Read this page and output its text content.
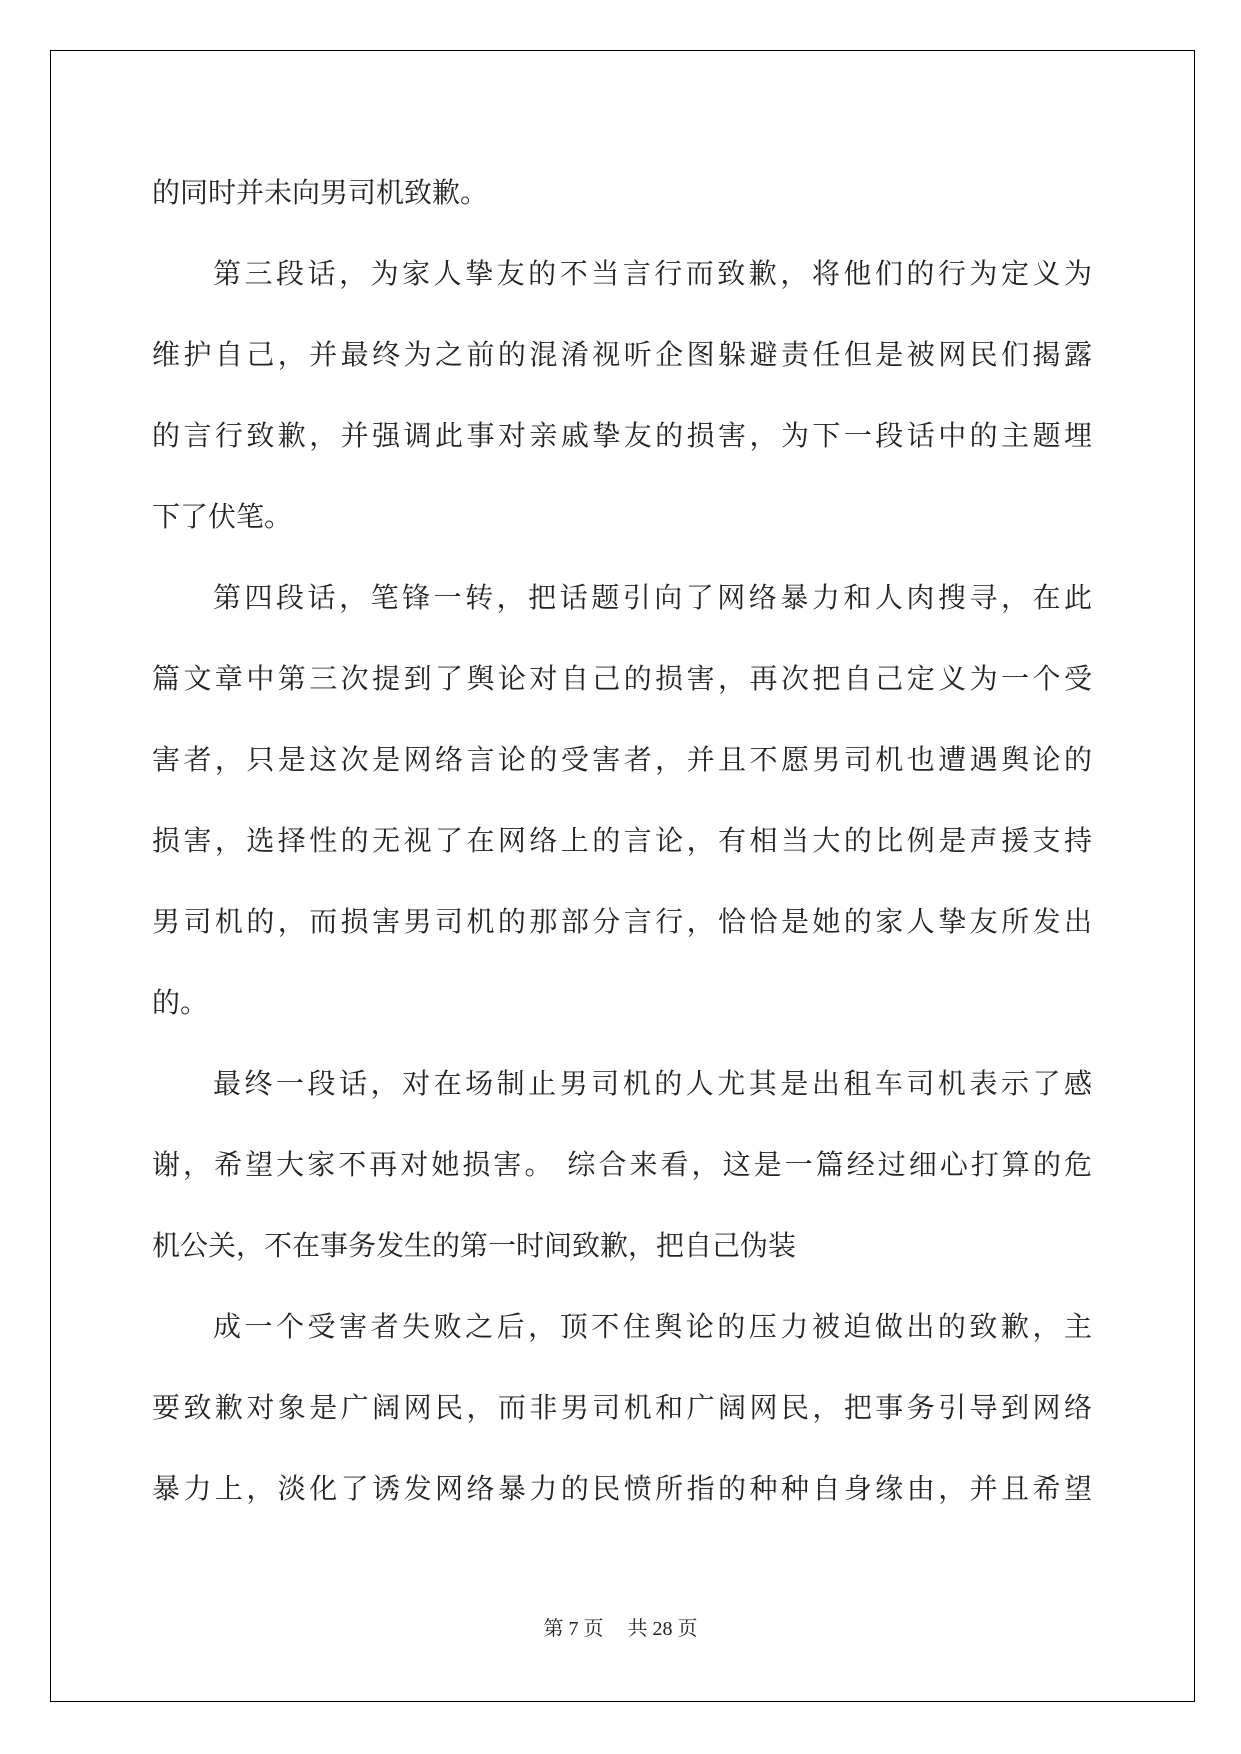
的同时并未向男司机致歉。
第三段话，为家人挚友的不当言行而致歉，将他们的行为定义为
维护自己，并最终为之前的混淆视听企图躲避责任但是被网民们揭露
的言行致歉，并强调此事对亲戚挚友的损害，为下一段话中的主题埋
下了伏笔。
第四段话，笔锋一转，把话题引向了网络暴力和人肉搜寻，在此
篇文章中第三次提到了舆论对自己的损害，再次把自己定义为一个受
害者，只是这次是网络言论的受害者，并且不愿男司机也遭遇舆论的
损害，选择性的无视了在网络上的言论，有相当大的比例是声援支持
男司机的，而损害男司机的那部分言行，恰恰是她的家人挚友所发出
的。
最终一段话，对在场制止男司机的人尤其是出租车司机表示了感
谢，希望大家不再对她损害。 综合来看，这是一篇经过细心打算的危
机公关，不在事务发生的第一时间致歉，把自己伪装
成一个受害者失败之后，顶不住舆论的压力被迫做出的致歉，主
要致歉对象是广阔网民，而非男司机和广阔网民，把事务引导到网络
暴力上，淡化了诱发网络暴力的民愤所指的种种自身缘由，并且希望
第 7 页 共 28 页
